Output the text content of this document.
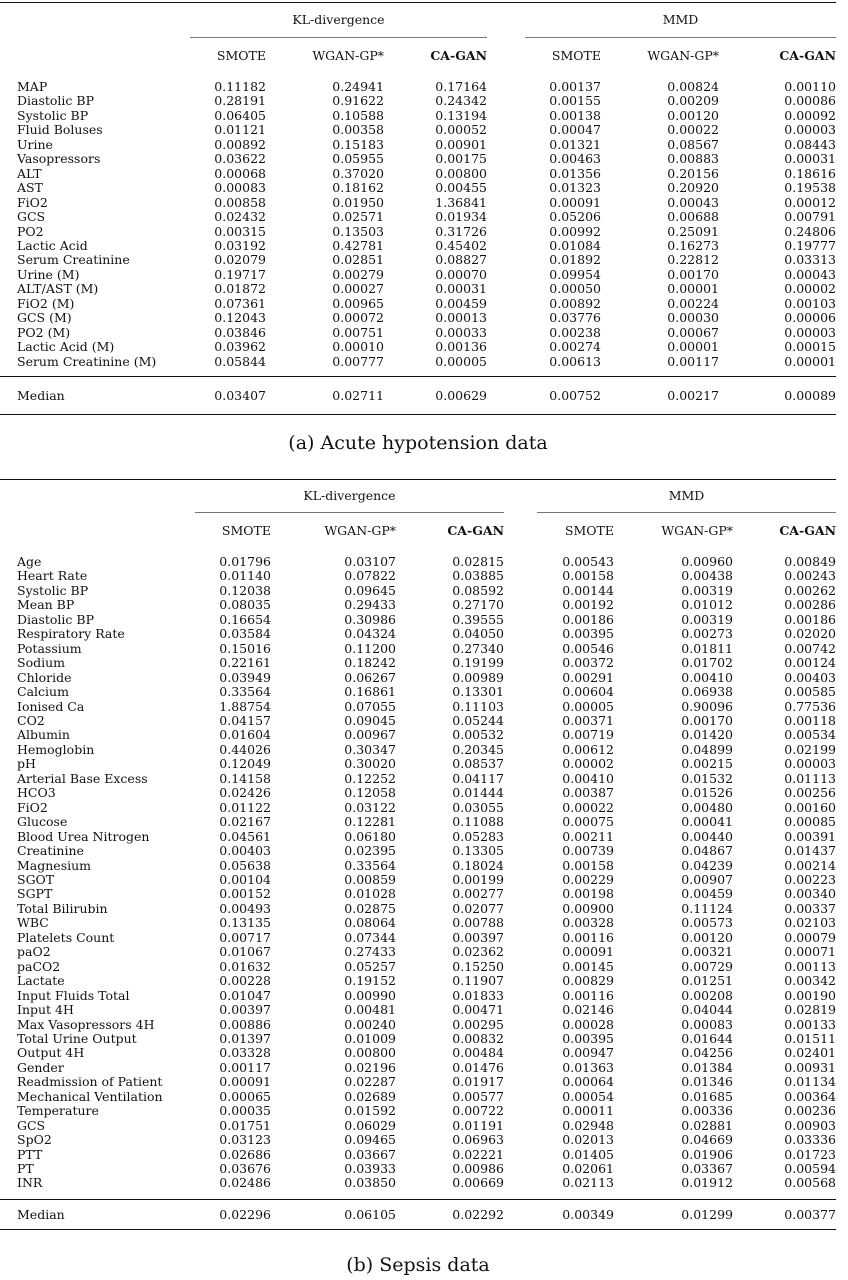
	KL-divergence				MMD		
	SMOTE	WGAN-GP*	CA-GAN		SMOTE	WGAN-GP*	CA-GAN

MAP	0.11182	0.24941	0.17164		0.00137	0.00824	0.00110
Diastolic BP	0.28191	0.91622	0.24342		0.00155	0.00209	0.00086
Systolic BP	0.06405	0.10588	0.13194		0.00138	0.00120	0.00092
Fluid Boluses	0.01121	0.00358	0.00052		0.00047	0.00022	0.00003
Urine	0.00892	0.15183	0.00901		0.01321	0.08567	0.08443
Vasopressors	0.03622	0.05955	0.00175		0.00463	0.00883	0.00031
ALT	0.00068	0.37020	0.00800		0.01356	0.20156	0.18616
AST	0.00083	0.18162	0.00455		0.01323	0.20920	0.19538
FiO2	0.00858	0.01950	1.36841		0.00091	0.00043	0.00012
GCS	0.02432	0.02571	0.01934		0.05206	0.00688	0.00791
PO2	0.00315	0.13503	0.31726		0.00992	0.25091	0.24806
Lactic Acid	0.03192	0.42781	0.45402		0.01084	0.16273	0.19777
Serum Creatinine	0.02079	0.02851	0.08827		0.01892	0.22812	0.03313
Urine (M)	0.19717	0.00279	0.00070		0.09954	0.00170	0.00043
ALT/AST (M)	0.01872	0.00027	0.00031		0.00050	0.00001	0.00002
FiO2 (M)	0.07361	0.00965	0.00459		0.00892	0.00224	0.00103
GCS (M)	0.12043	0.00072	0.00013		0.03776	0.00030	0.00006
PO2 (M)	0.03846	0.00751	0.00033		0.00238	0.00067	0.00003
Lactic Acid (M)	0.03962	0.00010	0.00136		0.00274	0.00001	0.00015
Serum Creatinine (M)	0.05844	0.00777	0.00005		0.00613	0.00117	0.00001

Median	0.03407	0.02711	0.00629		0.00752	0.00217	0.00089
(a) Acute hypotension data

	KL-divergence				MMD		
	SMOTE	WGAN-GP*	CA-GAN		SMOTE	WGAN-GP*	CA-GAN

Age	0.01796	0.03107	0.02815		0.00543	0.00960	0.00849
Heart Rate	0.01140	0.07822	0.03885		0.00158	0.00438	0.00243
Systolic BP	0.12038	0.09645	0.08592		0.00144	0.00319	0.00262
Mean BP	0.08035	0.29433	0.27170		0.00192	0.01012	0.00286
Diastolic BP	0.16654	0.30986	0.39555		0.00186	0.00319	0.00186
Respiratory Rate	0.03584	0.04324	0.04050		0.00395	0.00273	0.02020
Potassium	0.15016	0.11200	0.27340		0.00546	0.01811	0.00742
Sodium	0.22161	0.18242	0.19199		0.00372	0.01702	0.00124
Chloride	0.03949	0.06267	0.00989		0.00291	0.00410	0.00403
Calcium	0.33564	0.16861	0.13301		0.00604	0.06938	0.00585
Ionised Ca	1.88754	0.07055	0.11103		0.00005	0.90096	0.77536
CO2	0.04157	0.09045	0.05244		0.00371	0.00170	0.00118
Albumin	0.01604	0.00967	0.00532		0.00719	0.01420	0.00534
Hemoglobin	0.44026	0.30347	0.20345		0.00612	0.04899	0.02199
pH	0.12049	0.30020	0.08537		0.00002	0.00215	0.00003
Arterial Base Excess	0.14158	0.12252	0.04117		0.00410	0.01532	0.01113
HCO3	0.02426	0.12058	0.01444		0.00387	0.01526	0.00256
FiO2	0.01122	0.03122	0.03055		0.00022	0.00480	0.00160
Glucose	0.02167	0.12281	0.11088		0.00075	0.00041	0.00085
Blood Urea Nitrogen	0.04561	0.06180	0.05283		0.00211	0.00440	0.00391
Creatinine	0.00403	0.02395	0.13305		0.00739	0.04867	0.01437
Magnesium	0.05638	0.33564	0.18024		0.00158	0.04239	0.00214
SGOT	0.00104	0.00859	0.00199		0.00229	0.00907	0.00223
SGPT	0.00152	0.01028	0.00277		0.00198	0.00459	0.00340
Total Bilirubin	0.00493	0.02875	0.02077		0.00900	0.11124	0.00337
WBC	0.13135	0.08064	0.00788		0.00328	0.00573	0.02103
Platelets Count	0.00717	0.07344	0.00397		0.00116	0.00120	0.00079
paO2	0.01067	0.27433	0.02362		0.00091	0.00321	0.00071
paCO2	0.01632	0.05257	0.15250		0.00145	0.00729	0.00113
Lactate	0.00228	0.19152	0.11907		0.00829	0.01251	0.00342
Input Fluids Total	0.01047	0.00990	0.01833		0.00116	0.00208	0.00190
Input 4H	0.00397	0.00481	0.00471		0.02146	0.04044	0.02819
Max Vasopressors 4H	0.00886	0.00240	0.00295		0.00028	0.00083	0.00133
Total Urine Output	0.01397	0.01009	0.00832		0.00395	0.01644	0.01511
Output 4H	0.03328	0.00800	0.00484		0.00947	0.04256	0.02401
Gender	0.00117	0.02196	0.01476		0.01363	0.01384	0.00931
Readmission of Patient	0.00091	0.02287	0.01917		0.00064	0.01346	0.01134
Mechanical Ventilation	0.00065	0.02689	0.00577		0.00054	0.01685	0.00364
Temperature	0.00035	0.01592	0.00722		0.00011	0.00336	0.00236
GCS	0.01751	0.06029	0.01191		0.02948	0.02881	0.00903
SpO2	0.03123	0.09465	0.06963		0.02013	0.04669	0.03336
PTT	0.02686	0.03667	0.02221		0.01405	0.01906	0.01723
PT	0.03676	0.03933	0.00986		0.02061	0.03367	0.00594
INR	0.02486	0.03850	0.00669		0.02113	0.01912	0.00568

Median	0.02296	0.06105	0.02292		0.00349	0.01299	0.00377
(b) Sepsis data
